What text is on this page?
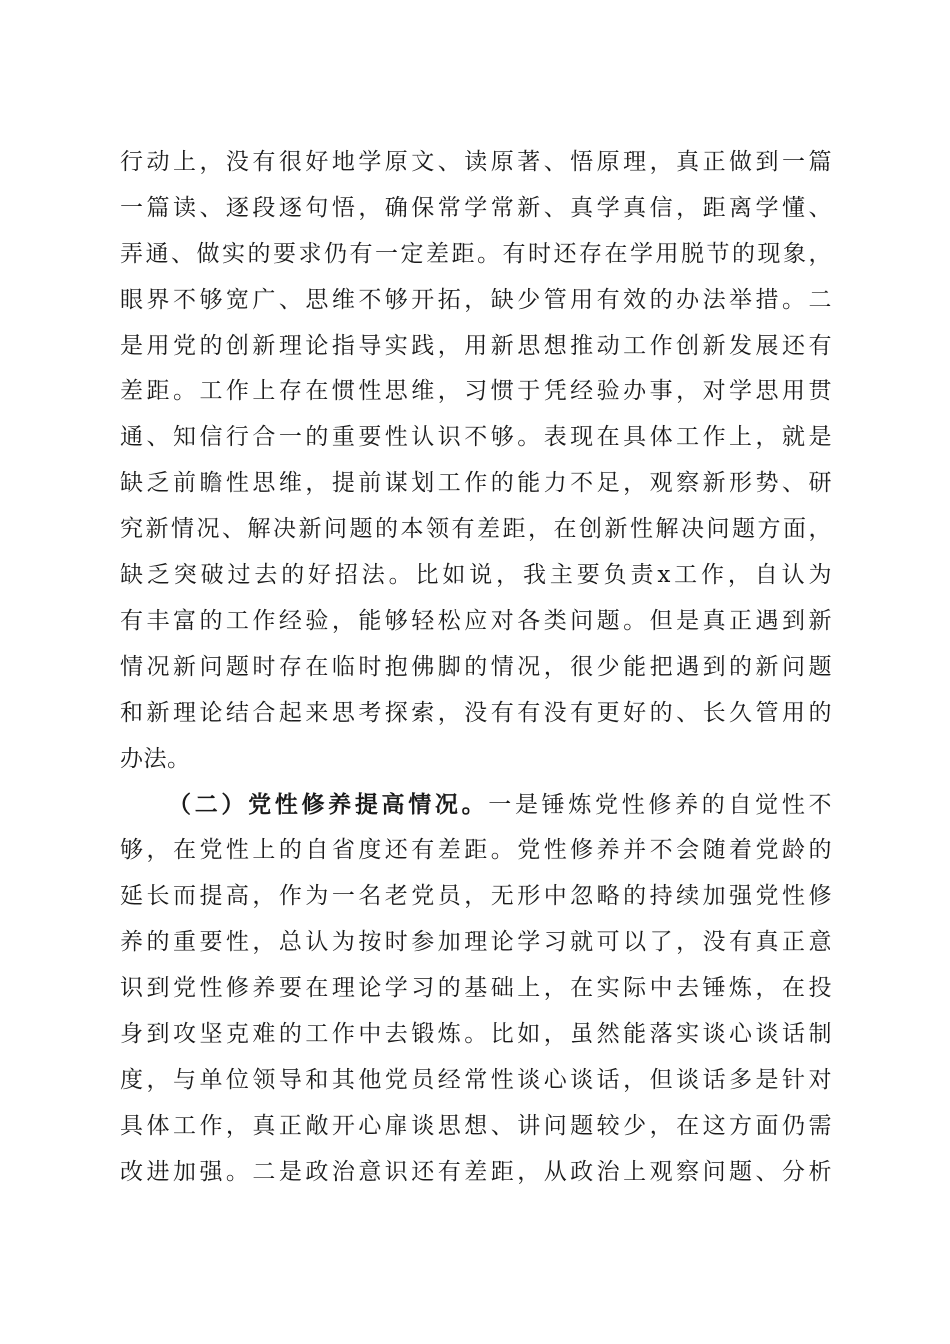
行动上，没有很好地学原文、读原著、悟原理，真正做到一篇
一篇读、逐段逐句悟，确保常学常新、真学真信，距离学懂、
弄通、做实的要求仍有一定差距。有时还存在学用脱节的现象，
眼界不够宽广、思维不够开拓，缺少管用有效的办法举措。二
是用党的创新理论指导实践，用新思想推动工作创新发展还有
差距。工作上存在惯性思维，习惯于凭经验办事，对学思用贯
通、知信行合一的重要性认识不够。表现在具体工作上，就是
缺乏前瞻性思维，提前谋划工作的能力不足，观察新形势、研
究新情况、解决新问题的本领有差距，在创新性解决问题方面，
缺乏突破过去的好招法。比如说，我主要负责x工作，自认为
有丰富的工作经验，能够轻松应对各类问题。但是真正遇到新
情况新问题时存在临时抱佛脚的情况，很少能把遇到的新问题
和新理论结合起来思考探索，没有有没有更好的、长久管用的
办法。
（二）党性修养提高情况。一是锤炼党性修养的自觉性不
够，在党性上的自省度还有差距。党性修养并不会随着党龄的
延长而提高，作为一名老党员，无形中忽略的持续加强党性修
养的重要性，总认为按时参加理论学习就可以了，没有真正意
识到党性修养要在理论学习的基础上，在实际中去锤炼，在投
身到攻坚克难的工作中去锻炼。比如，虽然能落实谈心谈话制
度，与单位领导和其他党员经常性谈心谈话，但谈话多是针对
具体工作，真正敞开心扉谈思想、讲问题较少，在这方面仍需
改进加强。二是政治意识还有差距，从政治上观察问题、分析
